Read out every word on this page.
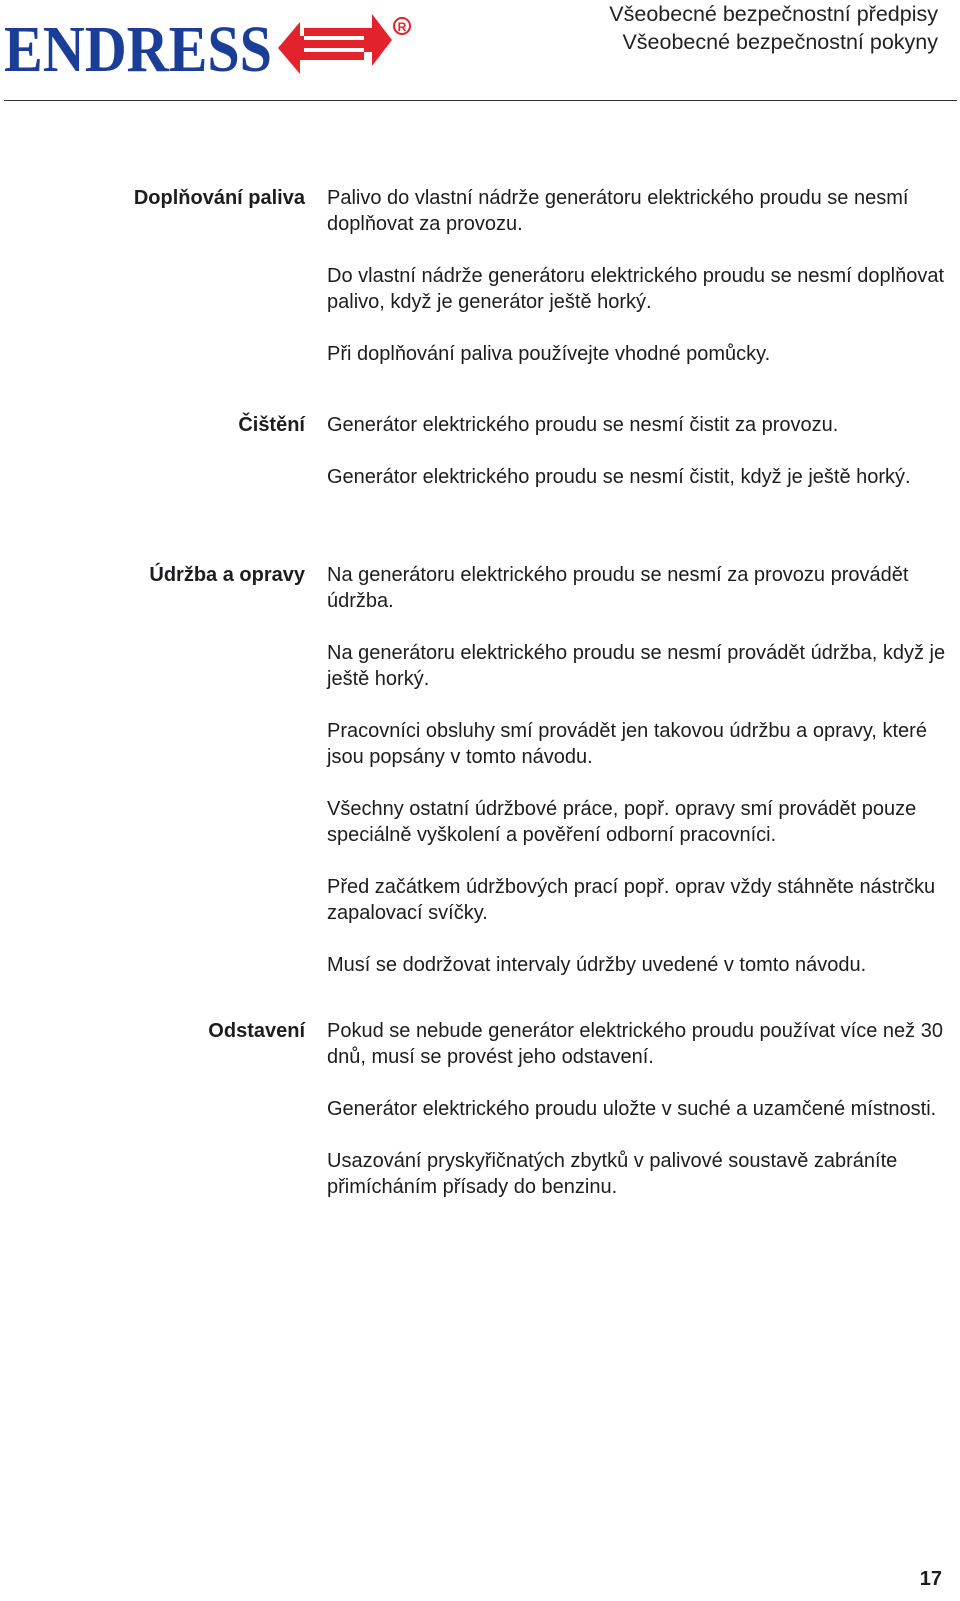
ENDRESS	R
Všeobecné bezpečnostní předpisy
Všeobecné bezpečnostní pokyny
Doplňování paliva Palivo do vlastní nádrže generátoru elektrického proudu se nesmí doplňovat za provozu.

Do vlastní nádrže generátoru elektrického proudu se nesmí doplňovat palivo, když je generátor ještě horký.

Při doplňování paliva používejte vhodné pomůcky.

Čištění Generátor elektrického proudu se nesmí čistit za provozu.

Generátor elektrického proudu se nesmí čistit, když je ještě horký.

Údržba a opravy Na generátoru elektrického proudu se nesmí za provozu provádět údržba.

Na generátoru elektrického proudu se nesmí provádět údržba, když je ještě horký.

Pracovníci obsluhy smí provádět jen takovou údržbu a opravy, které jsou popsány v tomto návodu.

Všechny ostatní údržbové práce, popř. opravy smí provádět pouze speciálně vyškolení a pověření odborní pracovníci.

Před začátkem údržbových prací popř. oprav vždy stáhněte nástrčku zapalovací svíčky.

Musí se dodržovat intervaly údržby uvedené v tomto návodu.

Odstavení Pokud se nebude generátor elektrického proudu používat více než 30 dnů, musí se provést jeho odstavení.

Generátor elektrického proudu uložte v suché a uzamčené místnosti.

Usazování pryskyřičnatých zbytků v palivové soustavě zabráníte přimícháním přísady do benzinu.

17
